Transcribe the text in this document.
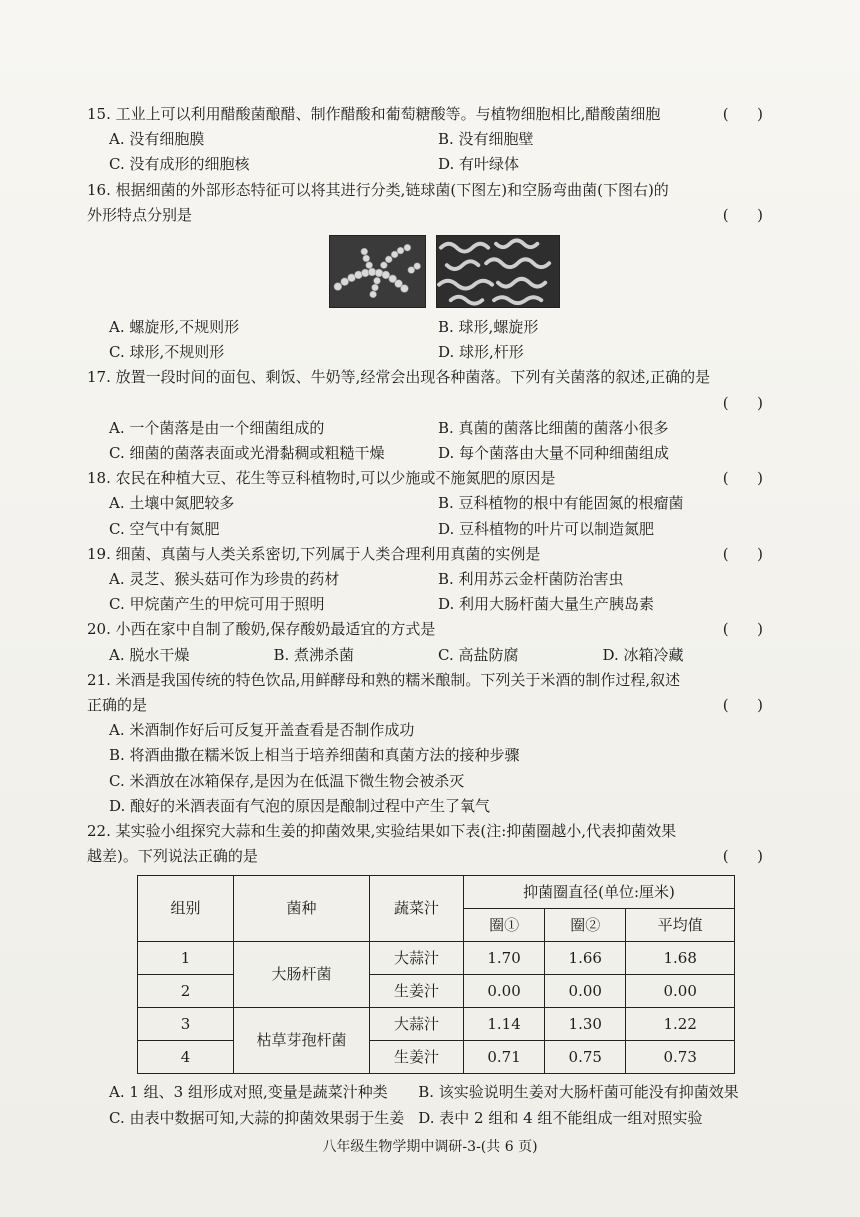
15. 工业上可以利用醋酸菌酿醋、制作醋酸和葡萄糖酸等。与植物细胞相比,醋酸菌细胞	(      )
A. 没有细胞膜	B. 没有细胞壁
C. 没有成形的细胞核	D. 有叶绿体
16. 根据细菌的外部形态特征可以将其进行分类,链球菌(下图左)和空肠弯曲菌(下图右)的
外形特点分别是	(      )
A. 螺旋形,不规则形	B. 球形,螺旋形
C. 球形,不规则形	D. 球形,杆形
17. 放置一段时间的面包、剩饭、牛奶等,经常会出现各种菌落。下列有关菌落的叙述,正确的是
(      )
A. 一个菌落是由一个细菌组成的	B. 真菌的菌落比细菌的菌落小很多
C. 细菌的菌落表面或光滑黏稠或粗糙干燥	D. 每个菌落由大量不同种细菌组成
18. 农民在种植大豆、花生等豆科植物时,可以少施或不施氮肥的原因是	(      )
A. 土壤中氮肥较多	B. 豆科植物的根中有能固氮的根瘤菌
C. 空气中有氮肥	D. 豆科植物的叶片可以制造氮肥
19. 细菌、真菌与人类关系密切,下列属于人类合理利用真菌的实例是	(      )
A. 灵芝、猴头菇可作为珍贵的药材	B. 利用苏云金杆菌防治害虫
C. 甲烷菌产生的甲烷可用于照明	D. 利用大肠杆菌大量生产胰岛素
20. 小西在家中自制了酸奶,保存酸奶最适宜的方式是	(      )
A. 脱水干燥	B. 煮沸杀菌	C. 高盐防腐	D. 冰箱冷藏
21. 米酒是我国传统的特色饮品,用鲜酵母和熟的糯米酿制。下列关于米酒的制作过程,叙述
正确的是	(      )
A. 米酒制作好后可反复开盖查看是否制作成功
B. 将酒曲撒在糯米饭上相当于培养细菌和真菌方法的接种步骤
C. 米酒放在冰箱保存,是因为在低温下微生物会被杀灭
D. 酿好的米酒表面有气泡的原因是酿制过程中产生了氧气
22. 某实验小组探究大蒜和生姜的抑菌效果,实验结果如下表(注:抑菌圈越小,代表抑菌效果
越差)。下列说法正确的是	(      )
组别	菌种	蔬菜汁	抑菌圈直径(单位:厘米)		
			圈①	圈②	平均值
1	大肠杆菌	大蒜汁	1.70	1.66	1.68
2		生姜汁	0.00	0.00	0.00
3	枯草芽孢杆菌	大蒜汁	1.14	1.30	1.22
4		生姜汁	0.71	0.75	0.73
A. 1 组、3 组形成对照,变量是蔬菜汁种类	B. 该实验说明生姜对大肠杆菌可能没有抑菌效果
C. 由表中数据可知,大蒜的抑菌效果弱于生姜 D. 表中 2 组和 4 组不能组成一组对照实验
八年级生物学期中调研-3-(共 6 页)
